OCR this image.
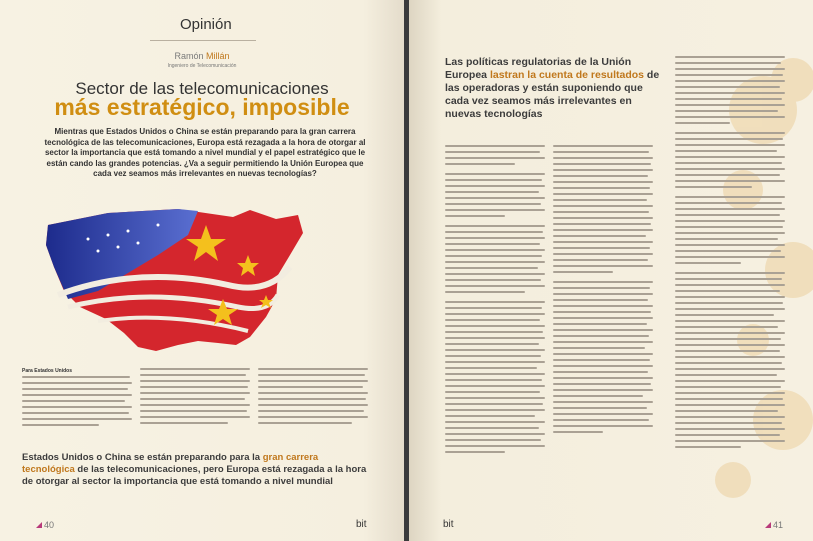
Opinión
Ramón Millán
Ingeniero de Telecomunicación
Sector de las telecomunicaciones
más estratégico, imposible
Mientras que Estados Unidos o China se están preparando para la gran carrera tecnológica de las telecomunicaciones, Europa está rezagada a la hora de otorgar al sector la importancia que está tomando a nivel mundial y el papel estratégico que le están cando las grandes potencias. ¿Va a seguir permitiendo la Unión Europea que cada vez seamos más irrelevantes en nuevas tecnologías?
Para Estados Unidos
Estados Unidos o China se están preparando para la gran carrera tecnológica de las telecomunicaciones, pero Europa está rezagada a la hora de otorgar al sector la importancia que está tomando a nivel mundial
40	bit
Las políticas regulatorias de la Unión Europea lastran la cuenta de resultados de las operadoras y están suponiendo que cada vez seamos más irrelevantes en nuevas tecnologías
bit	41
